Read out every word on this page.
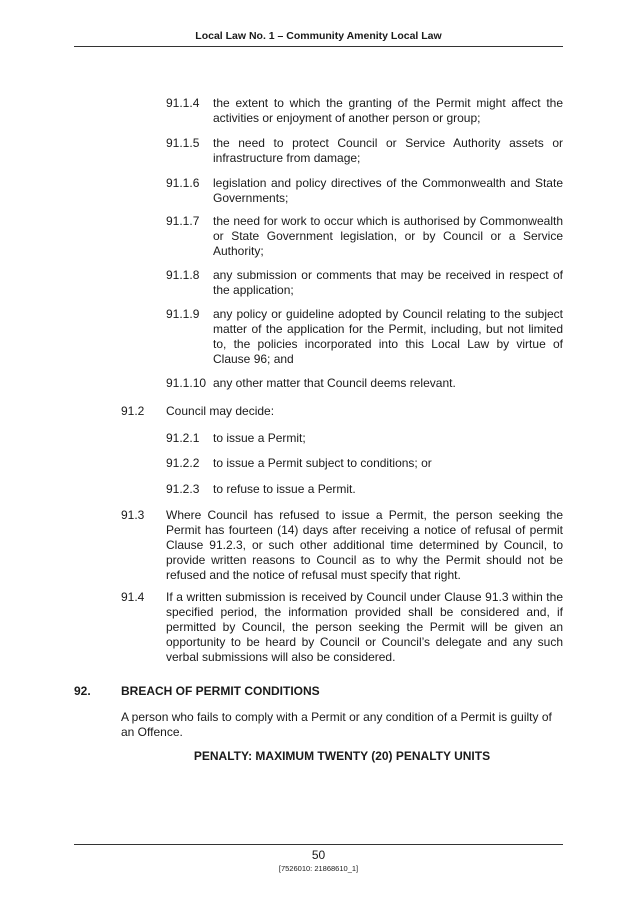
Local Law No. 1 – Community Amenity Local Law
91.1.4 the extent to which the granting of the Permit might affect the activities or enjoyment of another person or group;
91.1.5 the need to protect Council or Service Authority assets or infrastructure from damage;
91.1.6 legislation and policy directives of the Commonwealth and State Governments;
91.1.7 the need for work to occur which is authorised by Commonwealth or State Government legislation, or by Council or a Service Authority;
91.1.8 any submission or comments that may be received in respect of the application;
91.1.9 any policy or guideline adopted by Council relating to the subject matter of the application for the Permit, including, but not limited to, the policies incorporated into this Local Law by virtue of Clause 96; and
91.1.10 any other matter that Council deems relevant.
91.2 Council may decide:
91.2.1 to issue a Permit;
91.2.2 to issue a Permit subject to conditions; or
91.2.3 to refuse to issue a Permit.
91.3 Where Council has refused to issue a Permit, the person seeking the Permit has fourteen (14) days after receiving a notice of refusal of permit Clause 91.2.3, or such other additional time determined by Council, to provide written reasons to Council as to why the Permit should not be refused and the notice of refusal must specify that right.
91.4 If a written submission is received by Council under Clause 91.3 within the specified period, the information provided shall be considered and, if permitted by Council, the person seeking the Permit will be given an opportunity to be heard by Council or Council’s delegate and any such verbal submissions will also be considered.
92.	BREACH OF PERMIT CONDITIONS
A person who fails to comply with a Permit or any condition of a Permit is guilty of an Offence.
PENALTY: MAXIMUM TWENTY (20) PENALTY UNITS
50
[7526010: 21868610_1]
